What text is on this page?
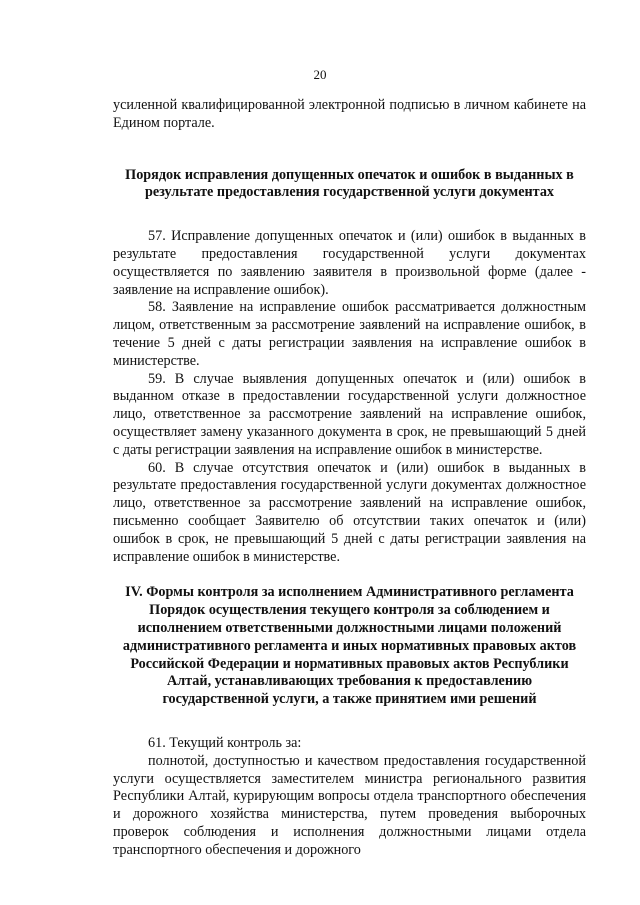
20

усиленной квалифицированной электронной подписью в личном кабинете на Едином портале.

Порядок исправления допущенных опечаток и ошибок в выданных в результате предоставления государственной услуги документах

57. Исправление допущенных опечаток и (или) ошибок в выданных в результате предоставления государственной услуги документах осуществляется по заявлению заявителя в произвольной форме (далее - заявление на исправление ошибок).

58. Заявление на исправление ошибок рассматривается должностным лицом, ответственным за рассмотрение заявлений на исправление ошибок, в течение 5 дней с даты регистрации заявления на исправление ошибок в министерстве.

59. В случае выявления допущенных опечаток и (или) ошибок в выданном отказе в предоставлении государственной услуги должностное лицо, ответственное за рассмотрение заявлений на исправление ошибок, осуществляет замену указанного документа в срок, не превышающий 5 дней с даты регистрации заявления на исправление ошибок в министерстве.

60. В случае отсутствия опечаток и (или) ошибок в выданных в результате предоставления государственной услуги документах должностное лицо, ответственное за рассмотрение заявлений на исправление ошибок, письменно сообщает Заявителю об отсутствии таких опечаток и (или) ошибок в срок, не превышающий 5 дней с даты регистрации заявления на исправление ошибок в министерстве.

IV. Формы контроля за исполнением Административного регламента

Порядок осуществления текущего контроля за соблюдением и исполнением ответственными должностными лицами положений административного регламента и иных нормативных правовых актов Российской Федерации и нормативных правовых актов Республики Алтай, устанавливающих требования к предоставлению государственной услуги, а также принятием ими решений

61. Текущий контроль за:

полнотой, доступностью и качеством предоставления государственной услуги осуществляется заместителем министра регионального развития Республики Алтай, курирующим вопросы отдела транспортного обеспечения и дорожного хозяйства министерства, путем проведения выборочных проверок соблюдения и исполнения должностными лицами отдела транспортного обеспечения и дорожного
